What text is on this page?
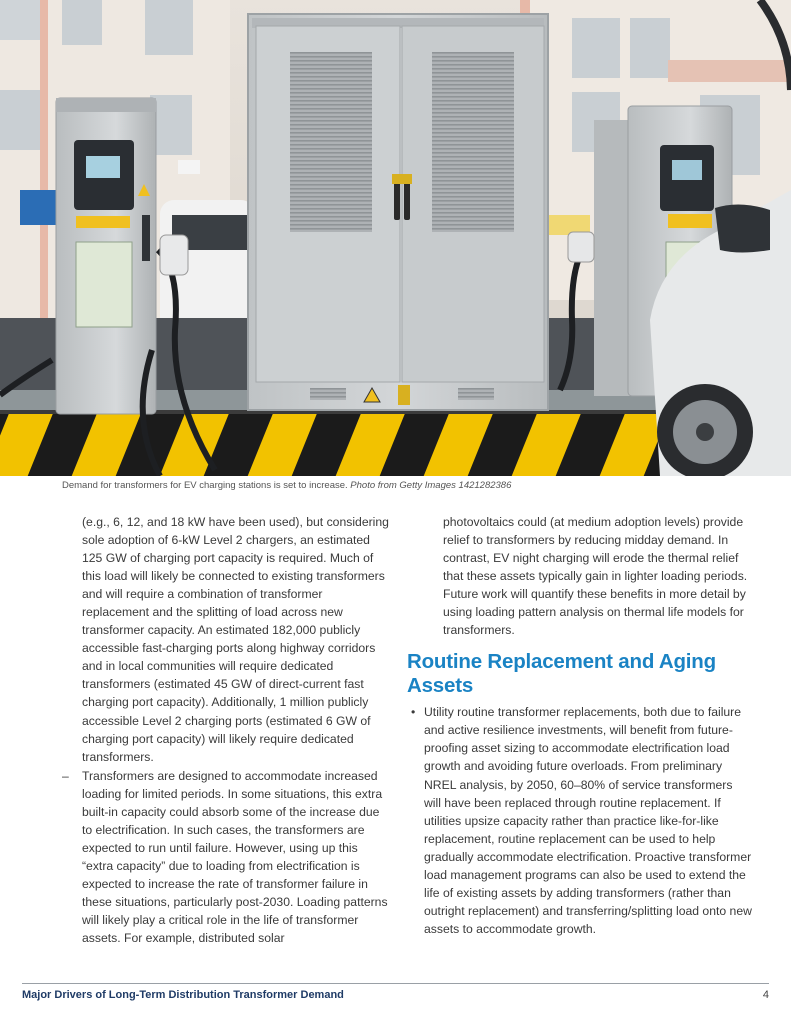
Demand for transformers for EV charging stations is set to increase. Photo from Getty Images 1421282386
(e.g., 6, 12, and 18 kW have been used), but considering sole adoption of 6-kW Level 2 chargers, an estimated 125 GW of charging port capacity is required. Much of this load will likely be connected to existing transformers and will require a combination of transformer replacement and the splitting of load across new transformer capacity. An estimated 182,000 publicly accessible fast-charging ports along highway corridors and in local communities will require dedicated transformers (estimated 45 GW of direct-current fast charging port capacity). Additionally, 1 million publicly accessible Level 2 charging ports (estimated 6 GW of charging port capacity) will likely require dedicated transformers.
– Transformers are designed to accommodate increased loading for limited periods. In some situations, this extra built-in capacity could absorb some of the increase due to electrification. In such cases, the transformers are expected to run until failure. However, using up this “extra capacity” due to loading from electrification is expected to increase the rate of transformer failure in these situations, particularly post-2030. Loading patterns will likely play a critical role in the life of transformer assets. For example, distributed solar
photovoltaics could (at medium adoption levels) provide relief to transformers by reducing midday demand. In contrast, EV night charging will erode the thermal relief that these assets typically gain in lighter loading periods. Future work will quantify these benefits in more detail by using loading pattern analysis on thermal life models for transformers.
Routine Replacement and Aging Assets
• Utility routine transformer replacements, both due to failure and active resilience investments, will benefit from future-proofing asset sizing to accommodate electrification load growth and avoiding future overloads. From preliminary NREL analysis, by 2050, 60–80% of service transformers will have been replaced through routine replacement. If utilities upsize capacity rather than practice like-for-like replacement, routine replacement can be used to help gradually accommodate electrification. Proactive transformer load management programs can also be used to extend the life of existing assets by adding transformers (rather than outright replacement) and transferring/splitting load onto new assets to accommodate growth.
Major Drivers of Long-Term Distribution Transformer Demand	4
